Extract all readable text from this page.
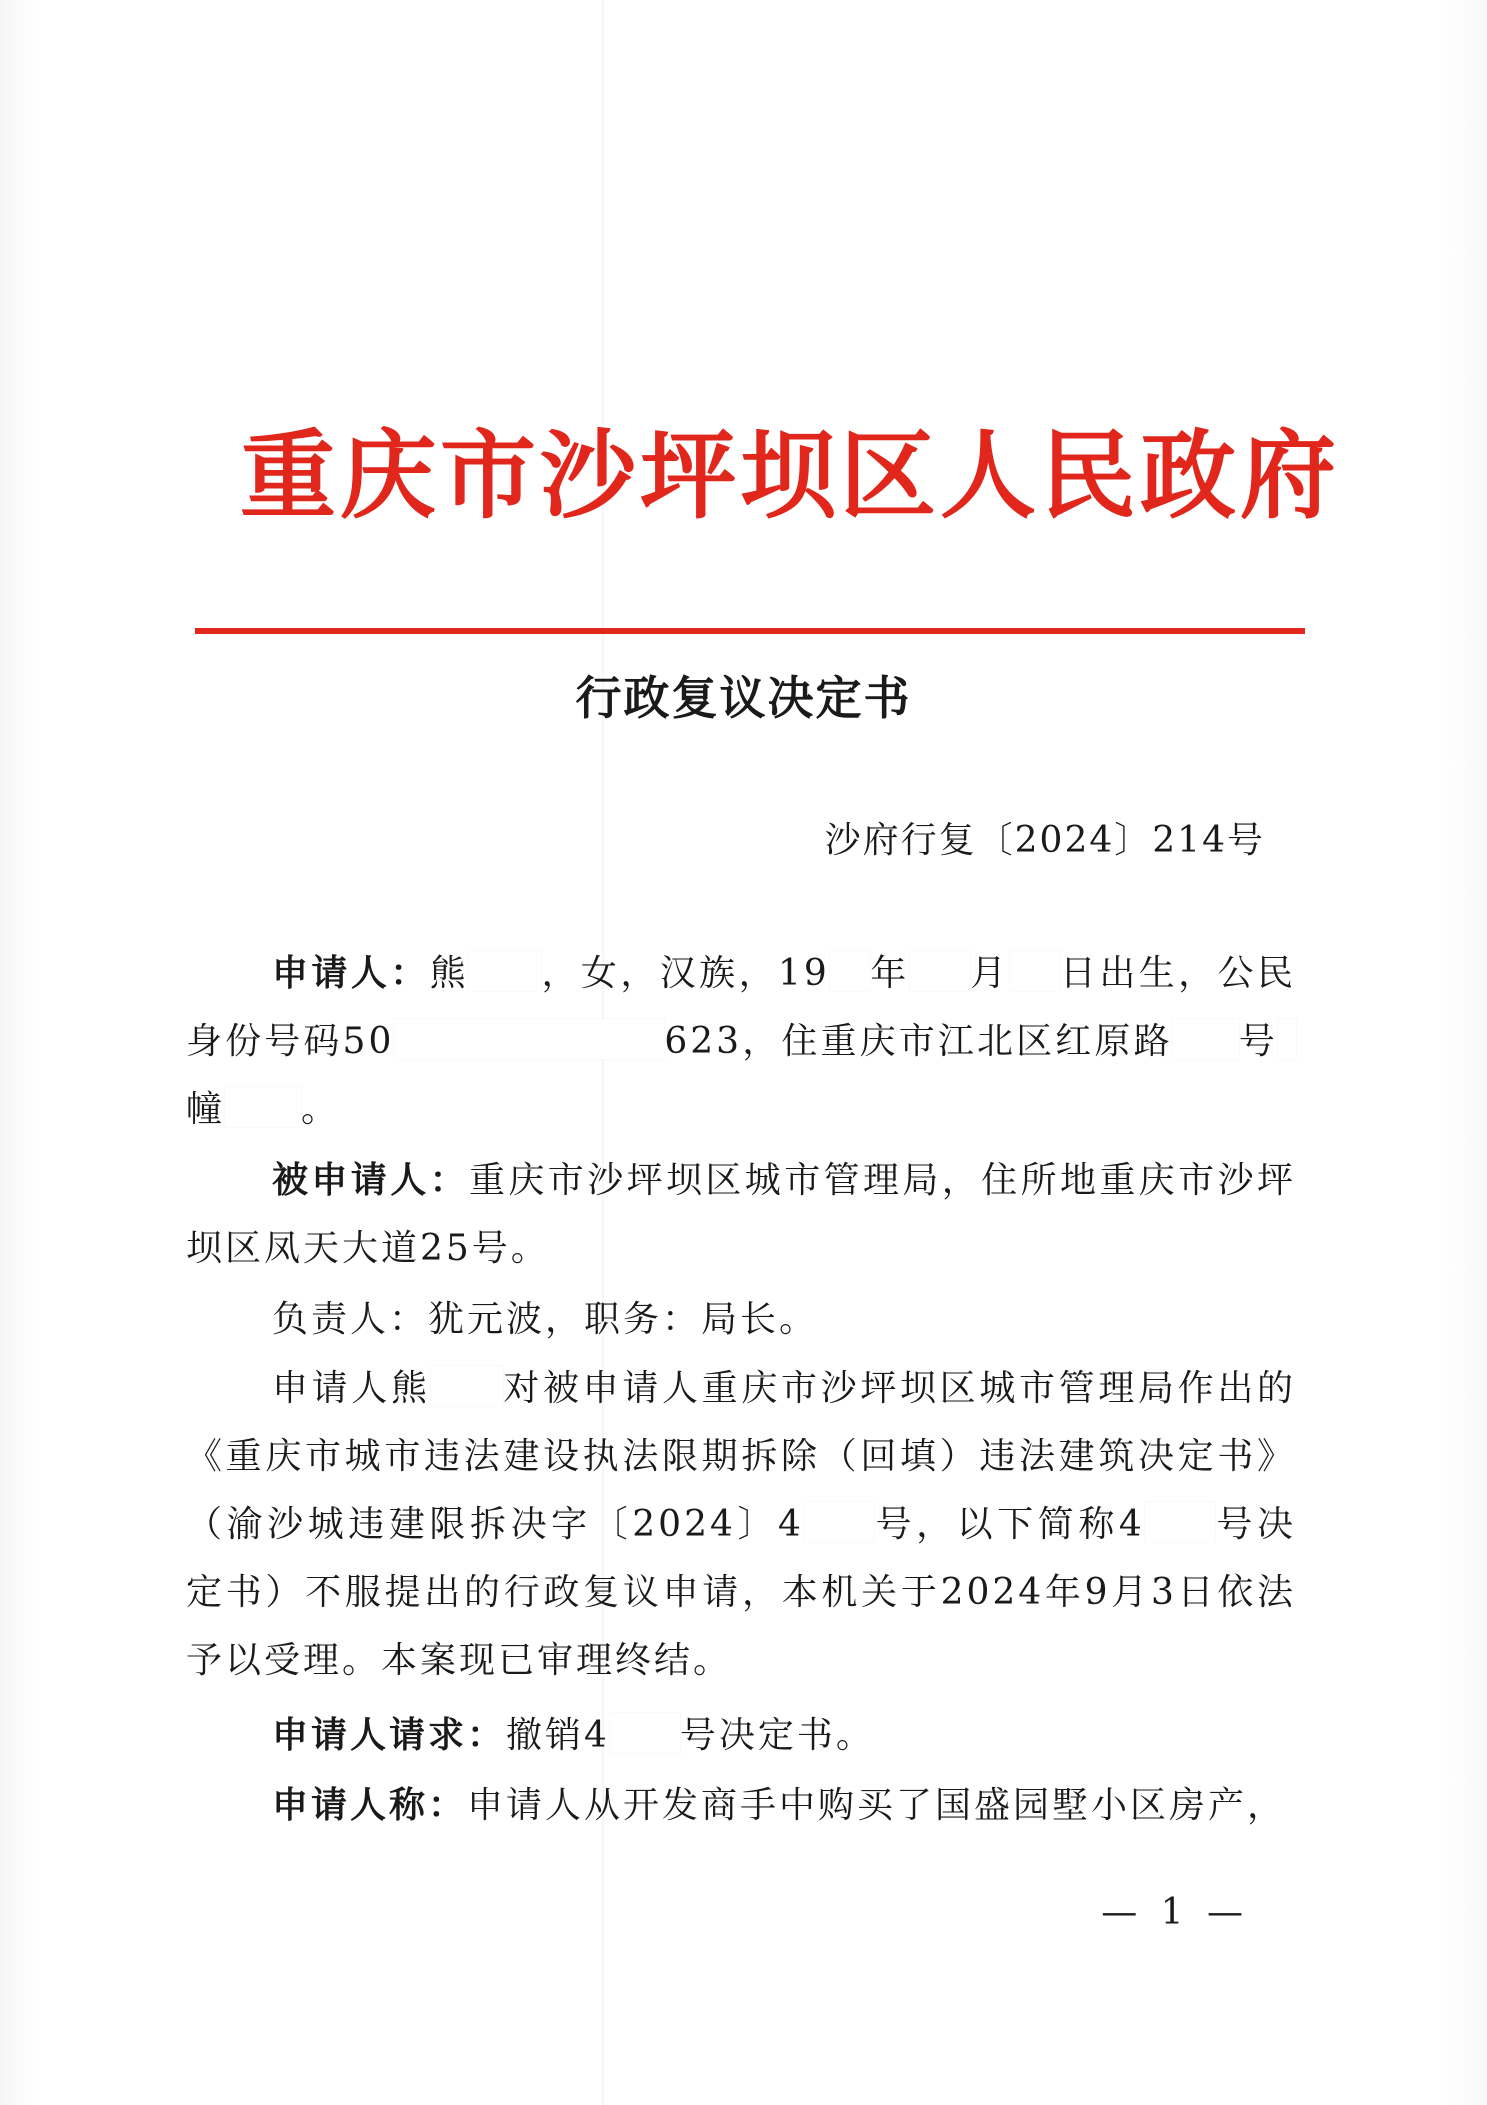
重庆市沙坪坝区人民政府
行政复议决定书
沙府行复〔2024〕214号
申请人：熊 ，女，汉族，19 年 月 日出生，公民身份号码50	623，住重庆市江北区红原路 号幢 。
被申请人：重庆市沙坪坝区城市管理局，住所地重庆市沙坪坝区凤天大道25号。
负责人：犹元波，职务：局长。
申请人熊 对被申请人重庆市沙坪坝区城市管理局作出的《重庆市城市违法建设执法限期拆除（回填）违法建筑决定书》（渝沙城违建限拆决字〔2024〕4 号，以下简称4 号决定书）不服提出的行政复议申请，本机关于2024年9月3日依法予以受理。本案现已审理终结。
申请人请求：撤销4 号决定书。
申请人称：申请人从开发商手中购买了国盛园墅小区房产，
— 1 —
